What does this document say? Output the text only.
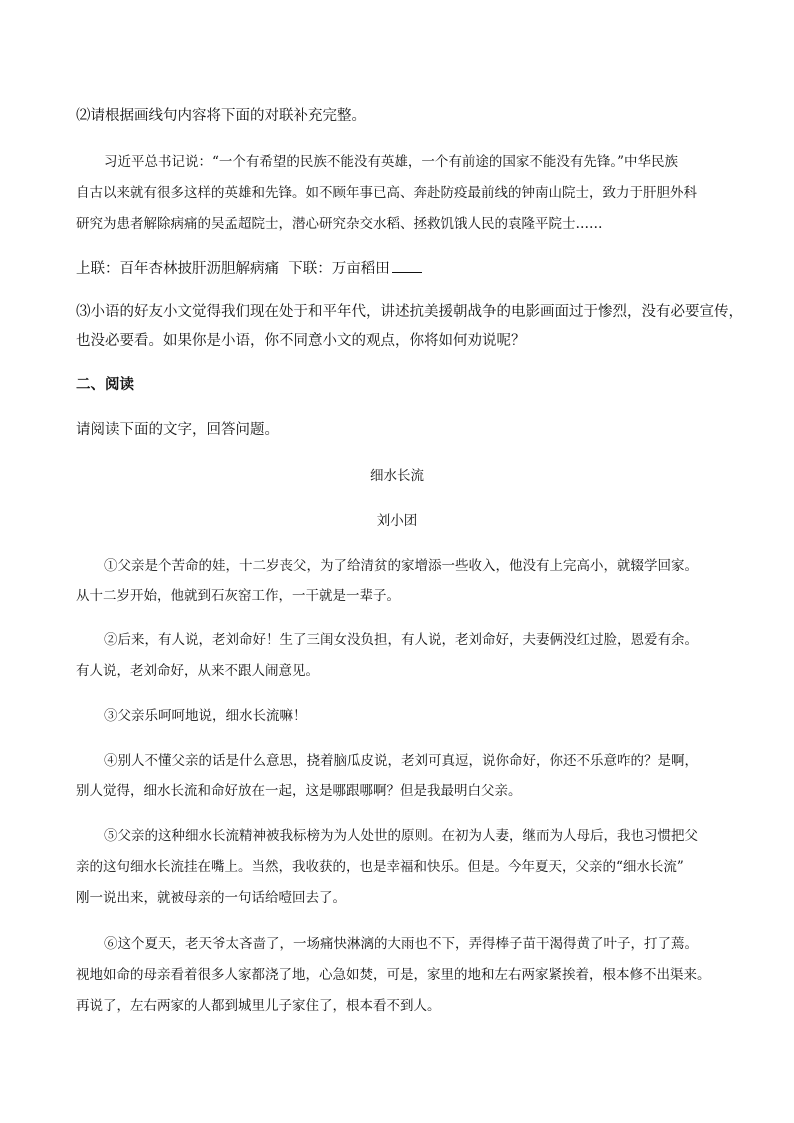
⑵请根据画线句内容将下面的对联补充完整。
习近平总书记说：“一个有希望的民族不能没有英雄，一个有前途的国家不能没有先锋。”中华民族
自古以来就有很多这样的英雄和先锋。如不顾年事已高、奔赴防疫最前线的钟南山院士，致力于肝胆外科
研究为患者解除病痛的吴孟超院士，潜心研究杂交水稻、拯救饥饿人民的袁隆平院士……
上联：百年杏林披肝沥胆解病痛 下联：万亩稻田
⑶小语的好友小文觉得我们现在处于和平年代，讲述抗美援朝战争的电影画面过于惨烈，没有必要宣传，
也没必要看。如果你是小语，你不同意小文的观点，你将如何劝说呢？
二、阅读
请阅读下面的文字，回答问题。
细水长流
刘小团
①父亲是个苦命的娃，十二岁丧父，为了给清贫的家增添一些收入，他没有上完高小，就辍学回家。
从十二岁开始，他就到石灰窑工作，一干就是一辈子。
②后来，有人说，老刘命好！生了三闺女没负担，有人说，老刘命好，夫妻俩没红过脸，恩爱有余。
有人说，老刘命好，从来不跟人闹意见。
③父亲乐呵呵地说，细水长流嘛！
④别人不懂父亲的话是什么意思，挠着脑瓜皮说，老刘可真逗，说你命好，你还不乐意咋的？是啊，
别人觉得，细水长流和命好放在一起，这是哪跟哪啊？但是我最明白父亲。
⑤父亲的这种细水长流精神被我标榜为为人处世的原则。在初为人妻，继而为人母后，我也习惯把父
亲的这句细水长流挂在嘴上。当然，我收获的，也是幸福和快乐。但是。今年夏天，父亲的“细水长流”
刚一说出来，就被母亲的一句话给噎回去了。
⑥这个夏天，老天爷太吝啬了，一场痛快淋漓的大雨也不下，弄得棒子苗干渴得黄了叶子，打了蔫。
视地如命的母亲看着很多人家都浇了地，心急如焚，可是，家里的地和左右两家紧挨着，根本修不出渠来。
再说了，左右两家的人都到城里儿子家住了，根本看不到人。
